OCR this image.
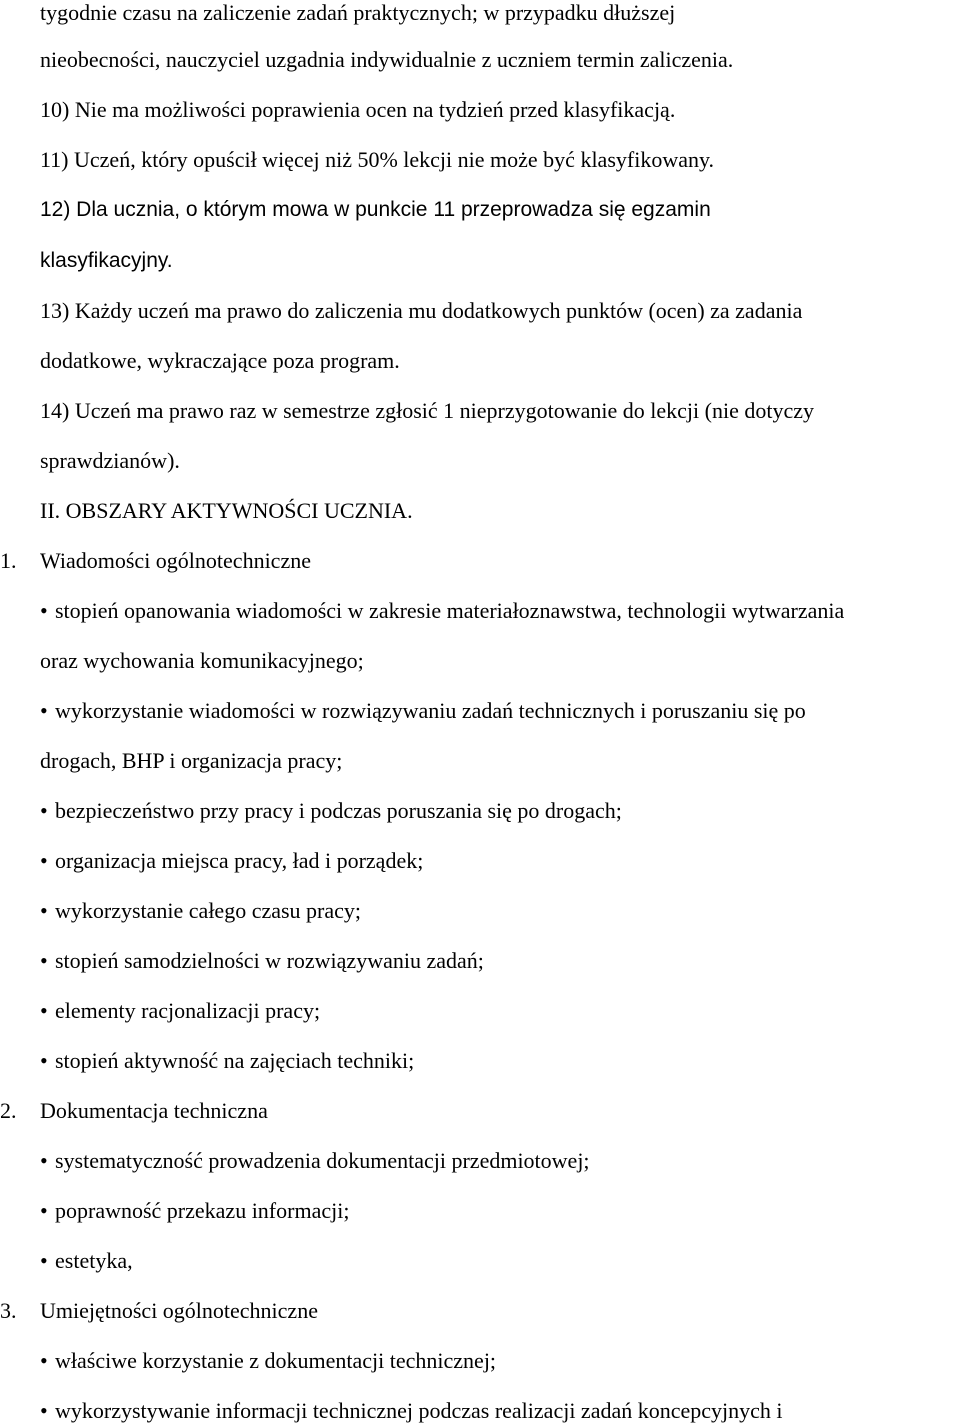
tygodnie czasu na zaliczenie zadań praktycznych; w przypadku dłuższej
nieobecności, nauczyciel uzgadnia indywidualnie z uczniem termin zaliczenia.
10) Nie ma możliwości poprawienia ocen na tydzień przed klasyfikacją.
11) Uczeń, który opuścił więcej niż 50% lekcji nie może być klasyfikowany.
12) Dla ucznia, o którym mowa w punkcie 11 przeprowadza się egzamin
klasyfikacyjny.
13) Każdy uczeń ma prawo do zaliczenia mu dodatkowych punktów (ocen) za zadania
dodatkowe, wykraczające poza program.
14) Uczeń ma prawo raz w semestrze zgłosić 1 nieprzygotowanie do lekcji (nie dotyczy
sprawdzianów).
II. OBSZARY AKTYWNOŚCI UCZNIA.
1.	Wiadomości ogólnotechniczne
• stopień opanowania wiadomości w zakresie materiałoznawstwa, technologii wytwarzania
oraz wychowania komunikacyjnego;
• wykorzystanie wiadomości w rozwiązywaniu zadań technicznych i poruszaniu się po
drogach, BHP i organizacja pracy;
• bezpieczeństwo przy pracy i podczas poruszania się po drogach;
• organizacja miejsca pracy, ład i porządek;
• wykorzystanie całego czasu pracy;
• stopień samodzielności w rozwiązywaniu zadań;
• elementy racjonalizacji pracy;
• stopień aktywność na zajęciach techniki;
2.	Dokumentacja techniczna
• systematyczność prowadzenia dokumentacji przedmiotowej;
• poprawność przekazu informacji;
• estetyka,
3.	Umiejętności ogólnotechniczne
• właściwe korzystanie z dokumentacji technicznej;
• wykorzystywanie informacji technicznej podczas realizacji zadań koncepcyjnych i
